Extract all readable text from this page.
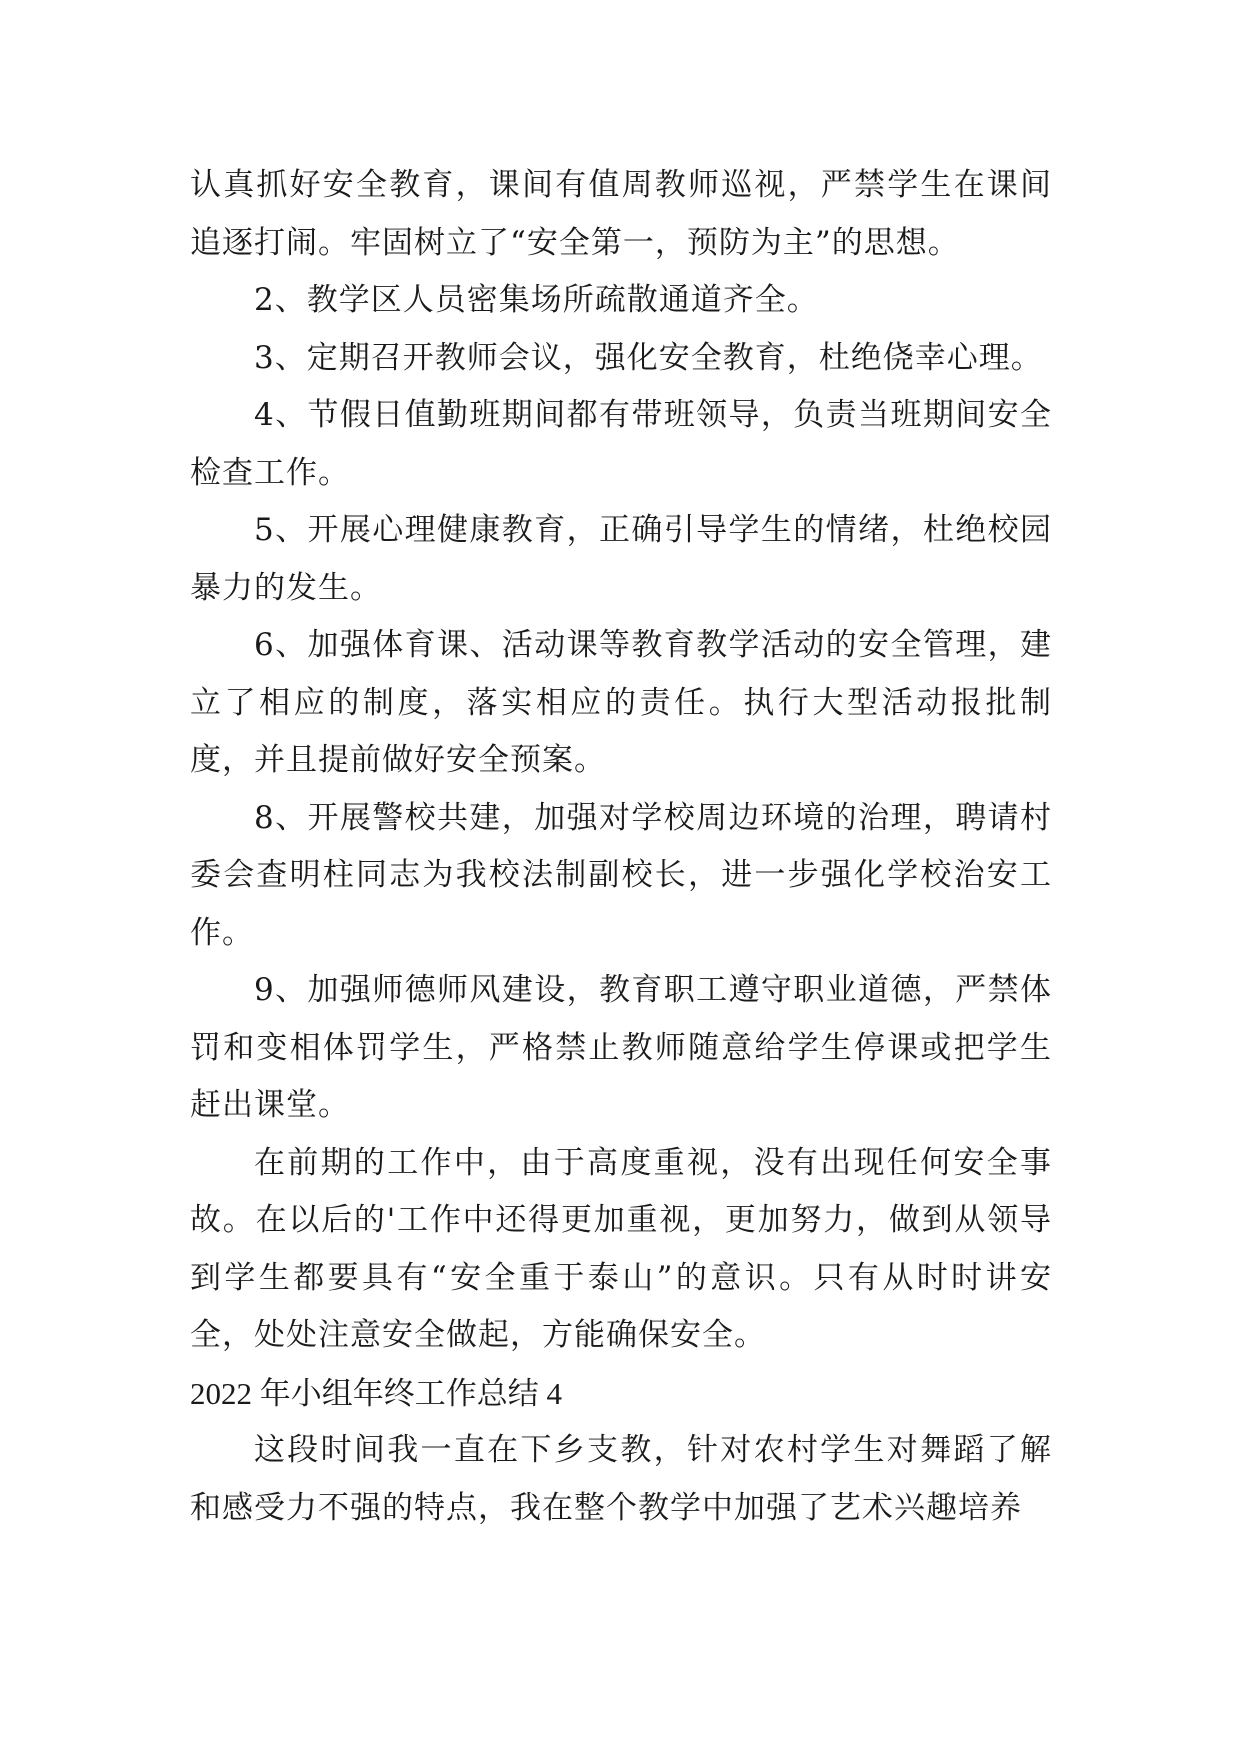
认真抓好安全教育，课间有值周教师巡视，严禁学生在课间追逐打闹。牢固树立了“安全第一，预防为主”的思想。

2、教学区人员密集场所疏散通道齐全。

3、定期召开教师会议，强化安全教育，杜绝侥幸心理。

4、节假日值勤班期间都有带班领导，负责当班期间安全检查工作。

5、开展心理健康教育，正确引导学生的情绪，杜绝校园暴力的发生。

6、加强体育课、活动课等教育教学活动的安全管理，建立了相应的制度，落实相应的责任。执行大型活动报批制度，并且提前做好安全预案。

8、开展警校共建，加强对学校周边环境的治理，聘请村委会查明柱同志为我校法制副校长，进一步强化学校治安工作。

9、加强师德师风建设，教育职工遵守职业道德，严禁体罚和变相体罚学生，严格禁止教师随意给学生停课或把学生赶出课堂。

在前期的工作中，由于高度重视，没有出现任何安全事故。在以后的'工作中还得更加重视，更加努力，做到从领导到学生都要具有“安全重于泰山”的意识。只有从时时讲安全，处处注意安全做起，方能确保安全。

2022 年小组年终工作总结 4

这段时间我一直在下乡支教，针对农村学生对舞蹈了解和感受力不强的特点，我在整个教学中加强了艺术兴趣培养
